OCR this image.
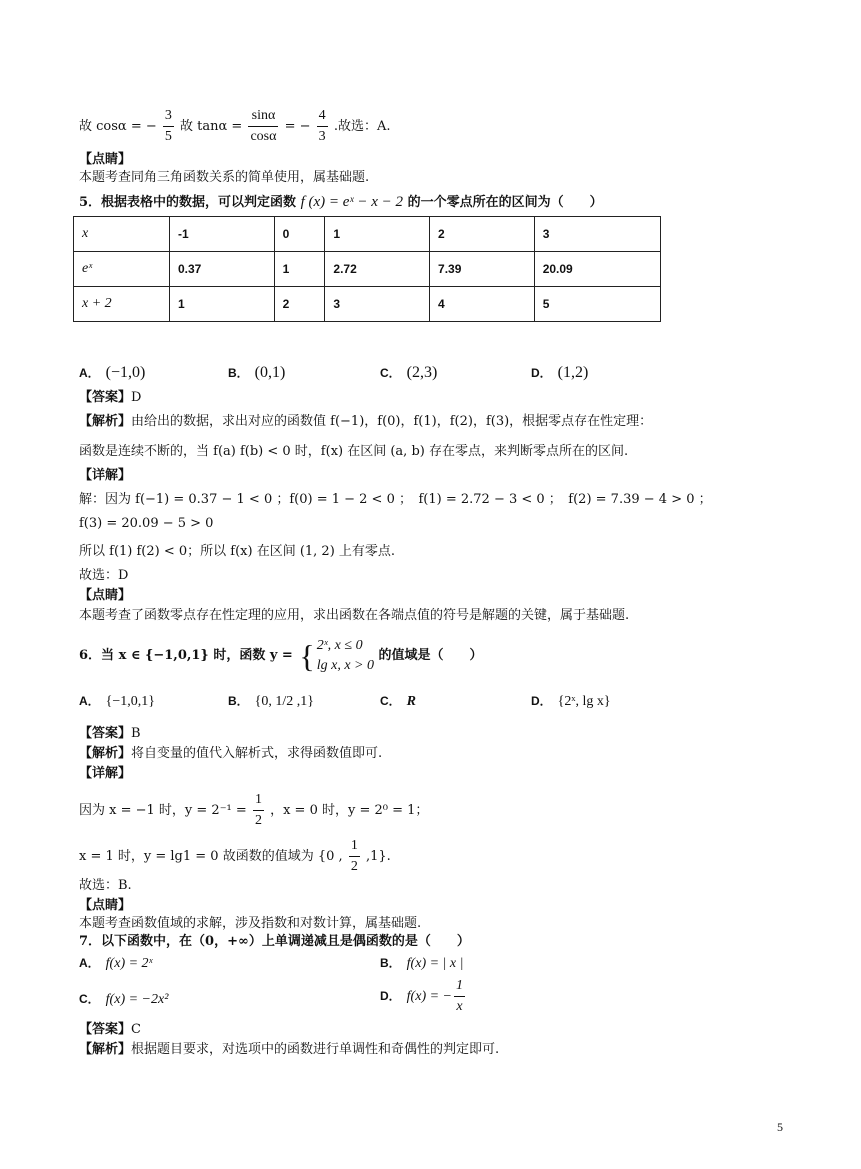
故 cosα = − $\frac{3}{5}$ 故 $\tan\alpha = \frac{\sin\alpha}{\cos\alpha}$ = − $\frac{4}{3}$ .故选：A.
【点睛】
本题考查同角三角函数关系的简单使用，属基础题.
5．根据表格中的数据，可以判定函数 f (x) = eˣ − x − 2 的一个零点所在的区间为（　　）
x	-1	0	1	2	3
eˣ	0.37	1	2.72	7.39	20.09
x + 2	1	2	3	4	5
A． (−1,0)	B． (0,1)	C． (2,3)	D． (1,2)
【答案】D
【解析】由给出的数据，求出对应的函数值 f(−1)，f(0)，f(1)，f(2)，f(3)，根据零点存在性定理：
函数是连续不断的，当 f(a) f(b) < 0 时，f(x) 在区间 (a, b) 存在零点，来判断零点所在的区间.
【详解】
解：因为 f(−1) = 0.37 − 1 < 0 ；f(0) = 1 − 2 < 0 ；　f(1) = 2.72 − 3 < 0 ；　f(2) = 7.39 − 4 > 0 ；
f(3) = 20.09 − 5 > 0
所以 f(1) f(2) < 0；所以 f(x) 在区间 (1, 2) 上有零点.
故选：D
【点睛】
本题考查了函数零点存在性定理的应用，求出函数在各端点值的符号是解题的关键，属于基础题.
6．当 x ∈ {−1,0,1} 时，函数 y = { 2ˣ, x ≤ 0
lg x, x > 0
的值域是（　　）
A． {−1,0,1}	B． {0, 1/2 ,1}	C． R	D． {2ˣ, lg x}
【答案】B
【解析】将自变量的值代入解析式，求得函数值即可.
【详解】
因为 x = −1 时，$y = 2^{-1} = \frac{1}{2}$ ，x = 0 时，y = 2⁰ = 1；
x = 1 时，y = lg1 = 0 故函数的值域为 {0 , $\frac{1}{2} ,1$}.
故选：B.
【点睛】
本题考查函数值域的求解，涉及指数和对数计算，属基础题.
7．以下函数中，在（0，+∞）上单调递减且是偶函数的是（　　）
A． f(x) = 2ˣ	B． f(x) = | x |
C． f(x) = −2x²	D． f(x) = − $\frac{1}{x}$
【答案】C
【解析】根据题目要求，对选项中的函数进行单调性和奇偶性的判定即可.
5
